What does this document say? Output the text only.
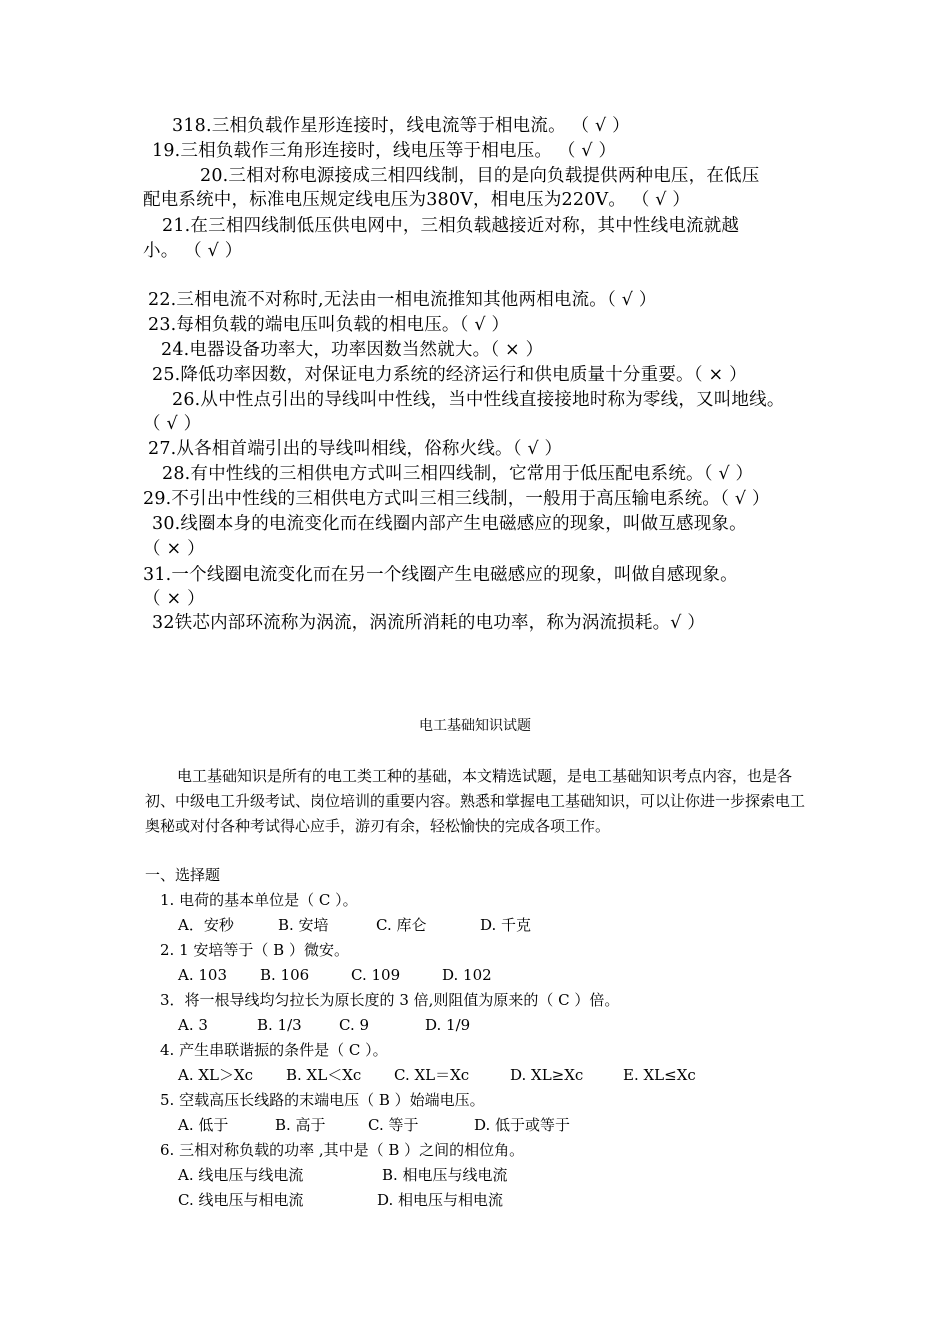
318.三相负载作星形连接时，线电流等于相电流。 （ √ ）
19.三相负载作三角形连接时，线电压等于相电压。 （ √ ）
20.三相对称电源接成三相四线制，目的是向负载提供两种电压，在低压
配电系统中，标准电压规定线电压为380V，相电压为220V。 （ √ ）
21.在三相四线制低压供电网中，三相负载越接近对称，其中性线电流就越
小。 （ √ ）
22.三相电流不对称时,无法由一相电流推知其他两相电流。（ √ ）
23.每相负载的端电压叫负载的相电压。（ √ ）
24.电器设备功率大，功率因数当然就大。（ × ）
25.降低功率因数，对保证电力系统的经济运行和供电质量十分重要。（ × ）
26.从中性点引出的导线叫中性线，当中性线直接接地时称为零线，又叫地线。
（ √ ）
27.从各相首端引出的导线叫相线，俗称火线。（ √ ）
28.有中性线的三相供电方式叫三相四线制，它常用于低压配电系统。（ √ ）
29.不引出中性线的三相供电方式叫三相三线制，一般用于高压输电系统。（ √ ）
30.线圈本身的电流变化而在线圈内部产生电磁感应的现象，叫做互感现象。
（ × ）
31.一个线圈电流变化而在另一个线圈产生电磁感应的现象，叫做自感现象。
（ × ）
32铁芯内部环流称为涡流，涡流所消耗的电功率，称为涡流损耗。√ ）
电工基础知识试题
电工基础知识是所有的电工类工种的基础，本文精选试题，是电工基础知识考点内容，也是各初、中级电工升级考试、岗位培训的重要内容。熟悉和掌握电工基础知识，可以让你进一步探索电工奥秘或对付各种考试得心应手，游刃有余，轻松愉快的完成各项工作。
一、选择题
1. 电荷的基本单位是（ C ）。
A．安秒	B. 安培	C. 库仑	D. 千克
2. 1 安培等于（ B ）微安。
A. 103 B. 106	C. 109	D. 102
3．将一根导线均匀拉长为原长度的 3 倍,则阻值为原来的（ C ）倍。
A. 3	B. 1/3 C. 9	D. 1/9
4. 产生串联谐振的条件是（ C ）。
A. XL＞Xc B. XL＜Xc C. XL＝Xc	D. XL≥Xc	E. XL≤Xc
5. 空载高压长线路的末端电压（ B ）始端电压。
A. 低于	B. 高于	C. 等于	D. 低于或等于
6. 三相对称负载的功率 ,其中是（ B ）之间的相位角。
A. 线电压与线电流	B. 相电压与线电流
C. 线电压与相电流	D. 相电压与相电流
